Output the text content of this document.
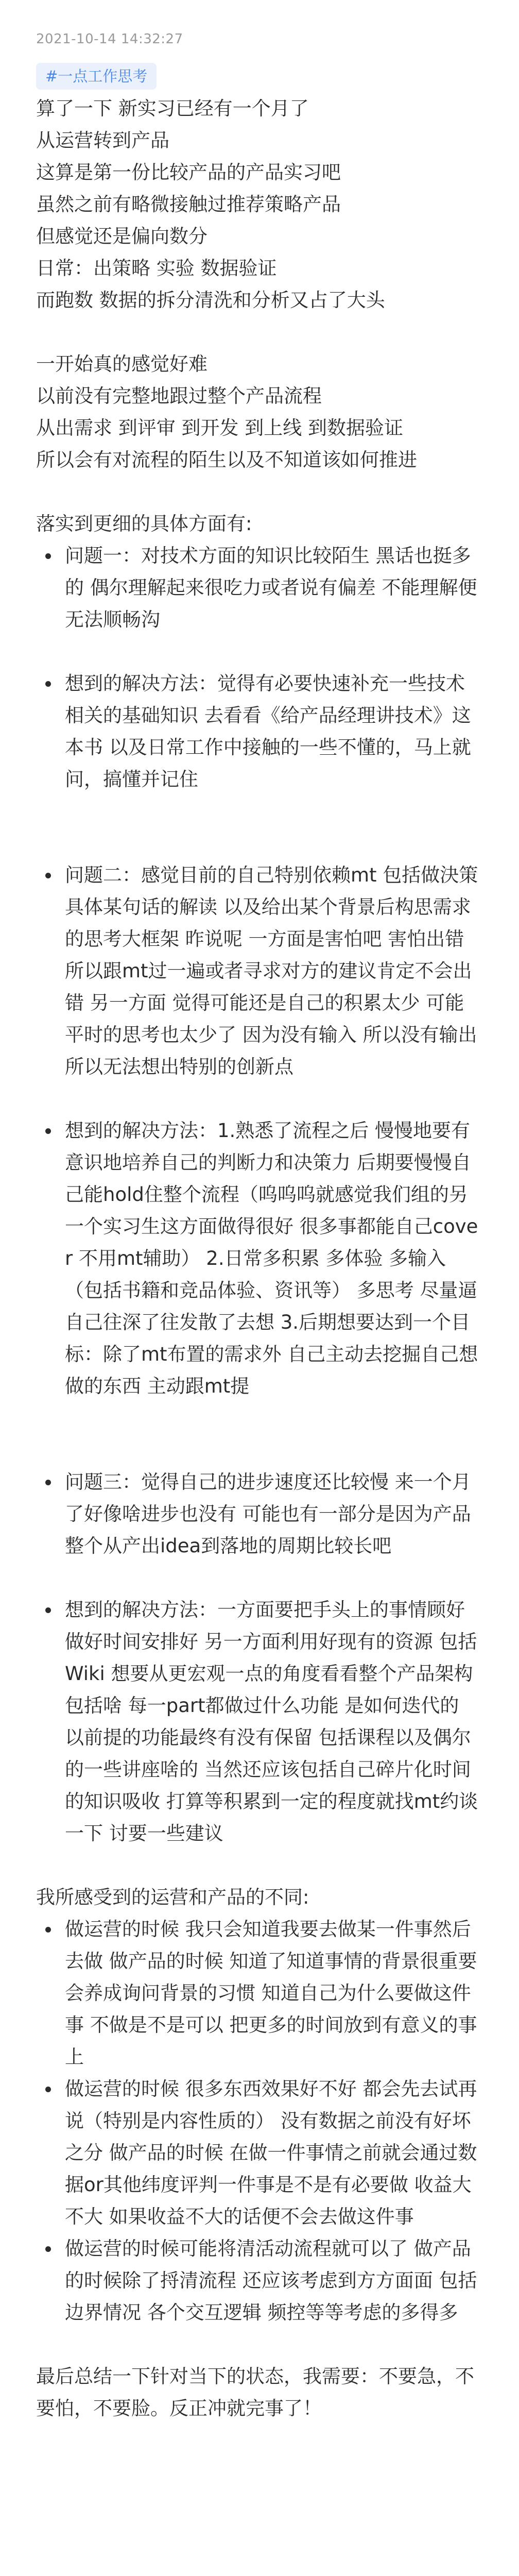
2021-10-14 14:32:27
#一点工作思考

算了一下 新实习已经有一个月了

从运营转到产品

这算是第一份比较产品的产品实习吧

虽然之前有略微接触过推荐策略产品

但感觉还是偏向数分

日常：出策略 实验 数据验证

而跑数 数据的拆分清洗和分析又占了大头

一开始真的感觉好难

以前没有完整地跟过整个产品流程

从出需求 到评审 到开发 到上线 到数据验证

所以会有对流程的陌生以及不知道该如何推进

落实到更细的具体方面有:

问题一：对技术方面的知识比较陌生 黑话也挺多的 偶尔理解起来很吃力或者说有偏差 不能理解便无法顺畅沟
想到的解决方法：觉得有必要快速补充一些技术相关的基础知识 去看看《给产品经理讲技术》这本书 以及日常工作中接触的一些不懂的，马上就问，搞懂并记住
问题二：感觉目前的自己特别依赖mt 包括做決策 具体某句话的解读 以及给出某个背景后构思需求的思考大框架 昨说呢 一方面是害怕吧 害怕出错 所以跟mt过一遍或者寻求对方的建议肯定不会出错 另一方面 觉得可能还是自己的积累太少 可能平时的思考也太少了 因为没有输入 所以没有输出 所以无法想出特别的创新点
想到的解决方法：1.熟悉了流程之后 慢慢地要有意识地培养自己的判断力和决策力 后期要慢慢自己能hold住整个流程（呜呜呜就感觉我们组的另一个实习生这方面做得很好 很多事都能自己cover 不用mt辅助） 2.日常多积累 多体验 多输入（包括书籍和竞品体验、资讯等） 多思考 尽量逼自己往深了往发散了去想 3.后期想要达到一个目标：除了mt布置的需求外 自己主动去挖掘自己想做的东西 主动跟mt提
问题三：觉得自己的进步速度还比较慢 来一个月了好像啥进步也没有 可能也有一部分是因为产品整个从产出idea到落地的周期比较长吧
想到的解决方法：一方面要把手头上的事情顾好做好时间安排好 另一方面利用好现有的资源 包括Wiki 想要从更宏观一点的角度看看整个产品架构包括啥 每一part都做过什么功能 是如何迭代的 以前提的功能最终有没有保留 包括课程以及偶尔的一些讲座啥的 当然还应该包括自己碎片化时间的知识吸收 打算等积累到一定的程度就找mt约谈一下 讨要一些建议

我所感受到的运营和产品的不同:

做运营的时候 我只会知道我要去做某一件事然后去做 做产品的时候 知道了知道事情的背景很重要会养成询问背景的习惯 知道自己为什么要做这件事 不做是不是可以 把更多的时间放到有意义的事上
做运营的时候 很多东西效果好不好 都会先去试再说（特别是内容性质的） 没有数据之前没有好坏之分 做产品的时候 在做一件事情之前就会通过数据or其他纬度评判一件事是不是有必要做 收益大不大 如果收益不大的话便不会去做这件事
做运营的时候可能将清活动流程就可以了 做产品的时候除了捋清流程 还应该考虑到方方面面 包括边界情况 各个交互逻辑 频控等等考虑的多得多

最后总结一下针对当下的状态，我需要：不要急，不要怕，不要脸。反正冲就完事了！
